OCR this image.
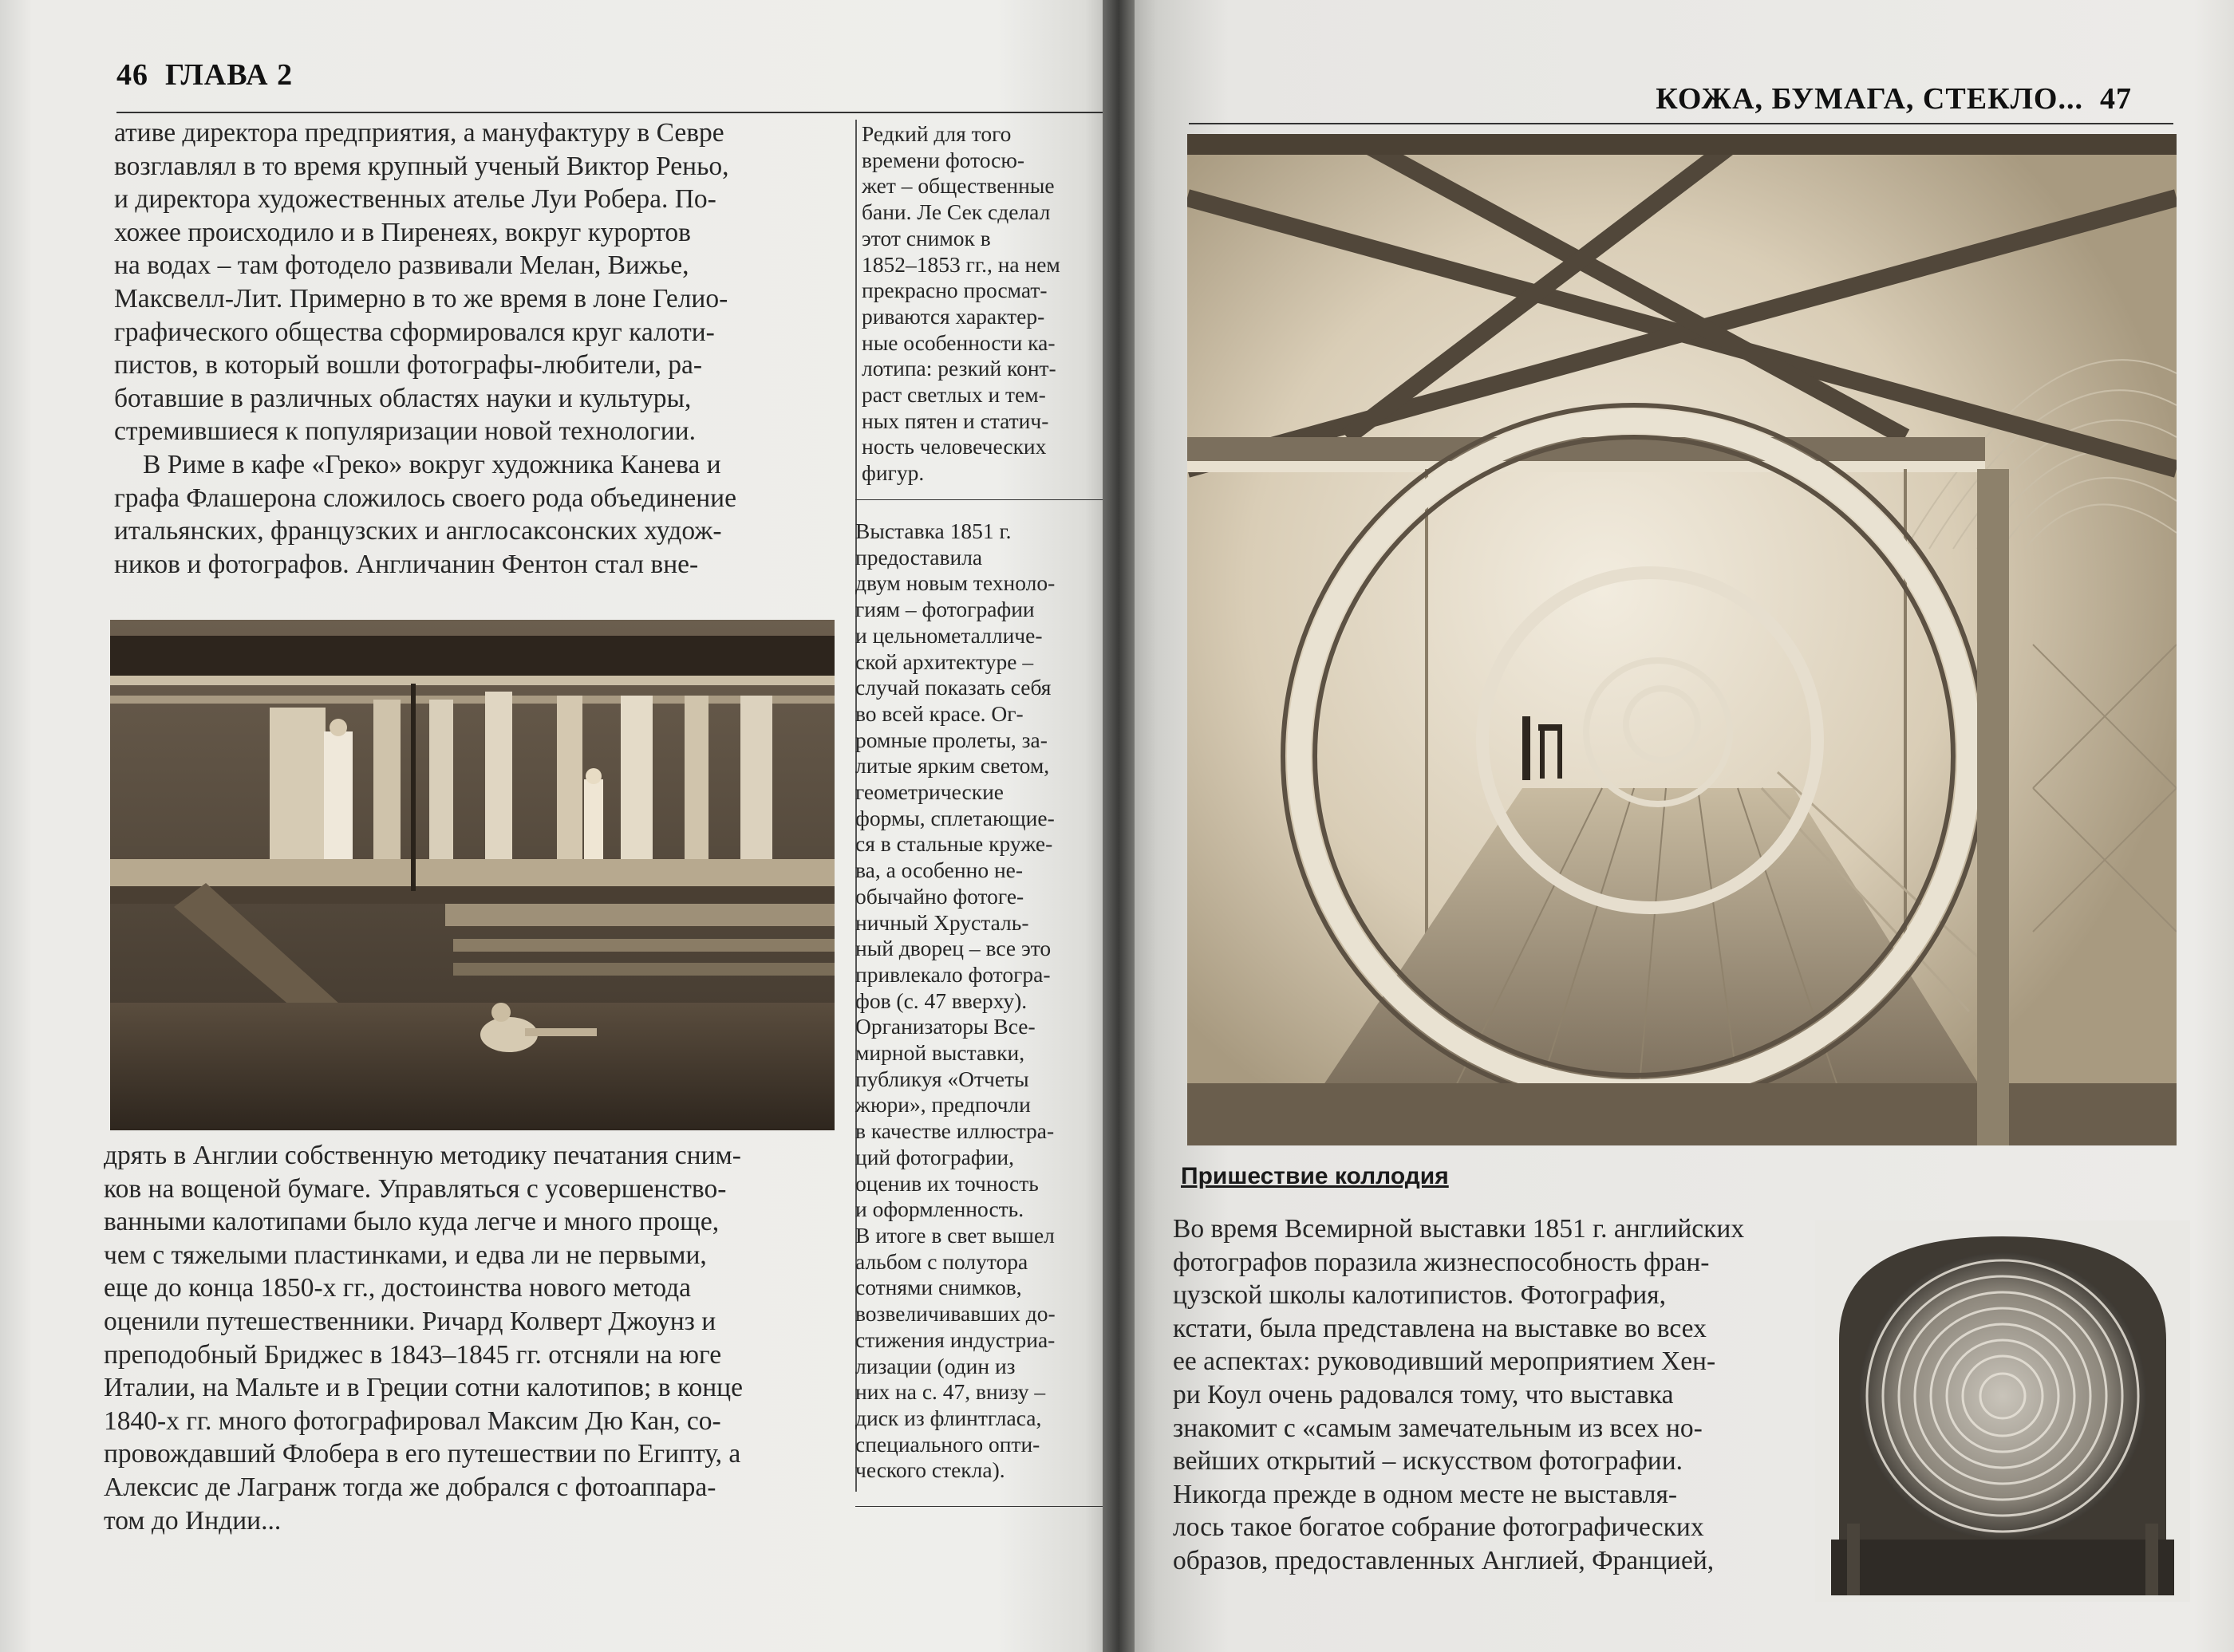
46 ГЛАВА 2
ативе директора предприятия, а мануфактуру в Севре
возглавлял в то время крупный ученый Виктор Реньо,
и директора художественных ателье Луи Робера. По-
хожее происходило и в Пиренеях, вокруг курортов
на водах – там фотодело развивали Мелан, Вижье,
Максвелл-Лит. Примерно в то же время в лоне Гелио-
графического общества сформировался круг калоти-
пистов, в который вошли фотографы-любители, ра-
ботавшие в различных областях науки и культуры,
стремившиеся к популяризации новой технологии.
В Риме в кафе «Греко» вокруг художника Канева и
графа Флашерона сложилось своего рода объединение
итальянских, французских и англосаксонских худож-
ников и фотографов. Англичанин Фентон стал вне-
дрять в Англии собственную методику печатания сним-
ков на вощеной бумаге. Управляться с усовершенство-
ванными калотипами было куда легче и много проще,
чем с тяжелыми пластинками, и едва ли не первыми,
еще до конца 1850-х гг., достоинства нового метода
оценили путешественники. Ричард Колверт Джоунз и
преподобный Бриджес в 1843–1845 гг. отсняли на юге
Италии, на Мальте и в Греции сотни калотипов; в конце
1840-х гг. много фотографировал Максим Дю Кан, со-
провождавший Флобера в его путешествии по Египту, а
Алексис де Лагранж тогда же добрался с фотоаппара-
том до Индии...
Редкий для того
времени фотосю-
жет – общественные
бани. Ле Сек сделал
этот снимок в
1852–1853 гг., на нем
прекрасно просмат-
риваются характер-
ные особенности ка-
лотипа: резкий конт-
раст светлых и тем-
ных пятен и статич-
ность человеческих
фигур.
Выставка 1851 г.
предоставила
двум новым техноло-
гиям – фотографии
и цельнометалличе-
ской архитектуре –
случай показать себя
во всей красе. Ог-
ромные пролеты, за-
литые ярким светом,
геометрические
формы, сплетающие-
ся в стальные круже-
ва, а особенно не-
обычайно фотоге-
ничный Хрусталь-
ный дворец – все это
привлекало фотогра-
фов (с. 47 вверху).
Организаторы Все-
мирной выставки,
публикуя «Отчеты
жюри», предпочли
в качестве иллюстра-
ций фотографии,
оценив их точность
и оформленность.
В итоге в свет вышел
альбом с полутора
сотнями снимков,
возвеличивавших до-
стижения индустриа-
лизации (один из
них на с. 47, внизу –
диск из флинтгласа,
специального опти-
ческого стекла).
КОЖА, БУМАГА, СТЕКЛО... 47
Пришествие коллодия
Во время Всемирной выставки 1851 г. английских
фотографов поразила жизнеспособность фран-
цузской школы калотипистов. Фотография,
кстати, была представлена на выставке во всех
ее аспектах: руководивший мероприятием Хен-
ри Коул очень радовался тому, что выставка
знакомит с «самым замечательным из всех но-
вейших открытий – искусством фотографии.
Никогда прежде в одном месте не выставля-
лось такое богатое собрание фотографических
образов, предоставленных Англией, Францией,
